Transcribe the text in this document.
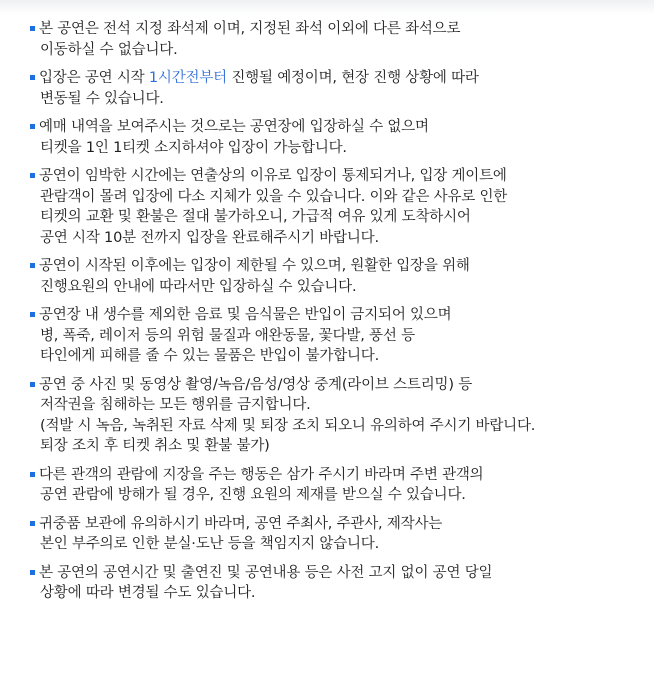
본 공연은 전석 지정 좌석제 이며, 지정된 좌석 이외에 다른 좌석으로
이동하실 수 없습니다.
입장은 공연 시작 1시간전부터 진행될 예정이며, 현장 진행 상황에 따라
변동될 수 있습니다.
예매 내역을 보여주시는 것으로는 공연장에 입장하실 수 없으며
티켓을 1인 1티켓 소지하셔야 입장이 가능합니다.
공연이 임박한 시간에는 연출상의 이유로 입장이 통제되거나, 입장 게이트에
관람객이 몰려 입장에 다소 지체가 있을 수 있습니다. 이와 같은 사유로 인한
티켓의 교환 및 환불은 절대 불가하오니, 가급적 여유 있게 도착하시어
공연 시작 10분 전까지 입장을 완료해주시기 바랍니다.
공연이 시작된 이후에는 입장이 제한될 수 있으며, 원활한 입장을 위해
진행요원의 안내에 따라서만 입장하실 수 있습니다.
공연장 내 생수를 제외한 음료 및 음식물은 반입이 금지되어 있으며
병, 폭죽, 레이저 등의 위험 물질과 애완동물, 꽃다발, 풍선 등
타인에게 피해를 줄 수 있는 물품은 반입이 불가합니다.
공연 중 사진 및 동영상 촬영/녹음/음성/영상 중계(라이브 스트리밍) 등
저작권을 침해하는 모든 행위를 금지합니다.
(적발 시 녹음, 녹취된 자료 삭제 및 퇴장 조치 되오니 유의하여 주시기 바랍니다.
퇴장 조치 후 티켓 취소 및 환불 불가)
다른 관객의 관람에 지장을 주는 행동은 삼가 주시기 바라며 주변 관객의
공연 관람에 방해가 될 경우, 진행 요원의 제재를 받으실 수 있습니다.
귀중품 보관에 유의하시기 바라며, 공연 주최사, 주관사, 제작사는
본인 부주의로 인한 분실·도난 등을 책임지지 않습니다.
본 공연의 공연시간 및 출연진 및 공연내용 등은 사전 고지 없이 공연 당일
상황에 따라 변경될 수도 있습니다.
